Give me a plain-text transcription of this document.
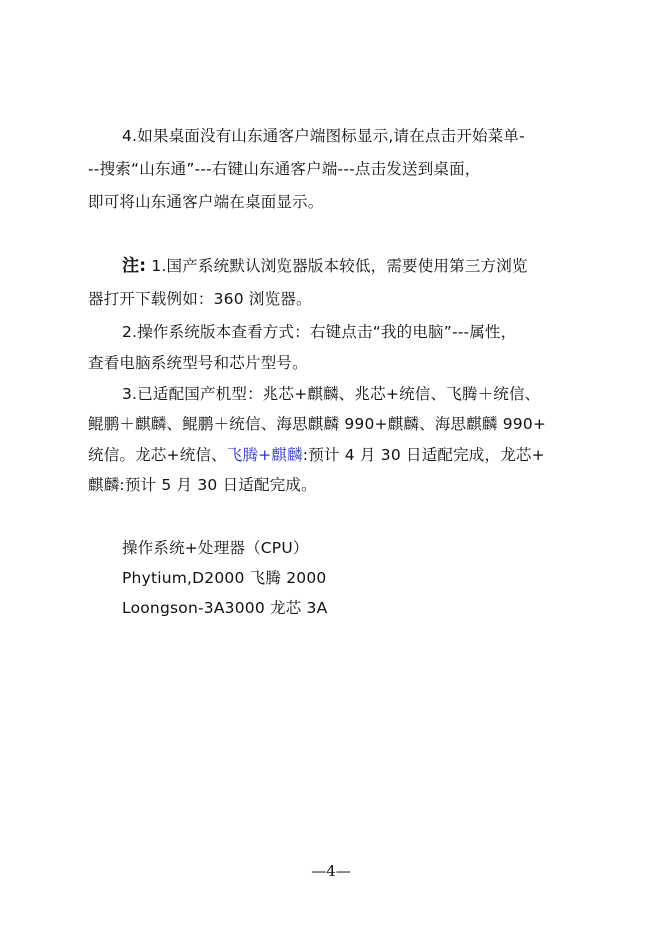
4.如果桌面没有山东通客户端图标显示,请在点击开始菜单-
--搜索“山东通”---右键山东通客户端---点击发送到桌面，
即可将山东通客户端在桌面显示。
注: 1.国产系统默认浏览器版本较低，需要使用第三方浏览
器打开下载例如：360 浏览器。
2.操作系统版本查看方式：右键点击“我的电脑”---属性，
查看电脑系统型号和芯片型号。
3.已适配国产机型：兆芯+麒麟、兆芯+统信、飞腾＋统信、
鲲鹏＋麒麟、鲲鹏＋统信、海思麒麟 990+麒麟、海思麒麟 990+
统信。龙芯+统信、飞腾+麒麟:预计 4 月 30 日适配完成，龙芯+
麒麟:预计 5 月 30 日适配完成。
操作系统+处理器（CPU）
Phytium,D2000 飞腾 2000
Loongson-3A3000 龙芯 3A
—4—
